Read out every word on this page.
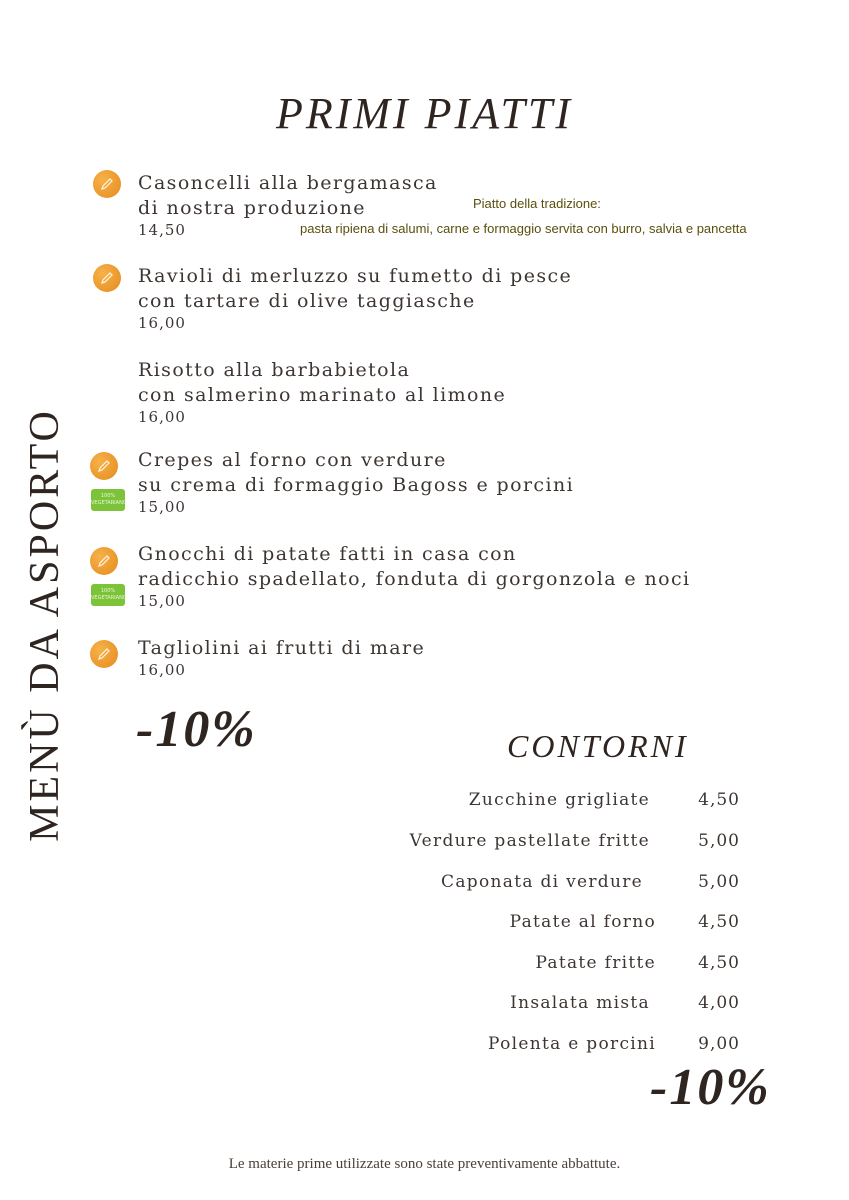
PRIMI PIATTI
MENÙ DA ASPORTO
Casoncelli alla bergamasca
di nostra produzione
14,50
Piatto della tradizione:
pasta ripiena di salumi, carne e formaggio servita con burro, salvia e pancetta
Ravioli di merluzzo su fumetto di pesce
con tartare di olive taggiasche
16,00
Risotto alla barbabietola
con salmerino marinato al limone
16,00
100% VEGETARIANO
Crepes al forno con verdure
su crema di formaggio Bagoss e porcini
15,00
100% VEGETARIANO
Gnocchi di patate fatti in casa con
radicchio spadellato, fonduta di gorgonzola e noci
15,00
Tagliolini ai frutti di mare
16,00
-10%	CONTORNI
Zucchine grigliate	4,50
Verdure pastellate fritte	5,00
Caponata di verdure	5,00
Patate al forno 4,50
Patate fritte 4,50
Insalata mista	4,00
Polenta e porcini 9,00
-10%
Le materie prime utilizzate sono state preventivamente abbattute.
